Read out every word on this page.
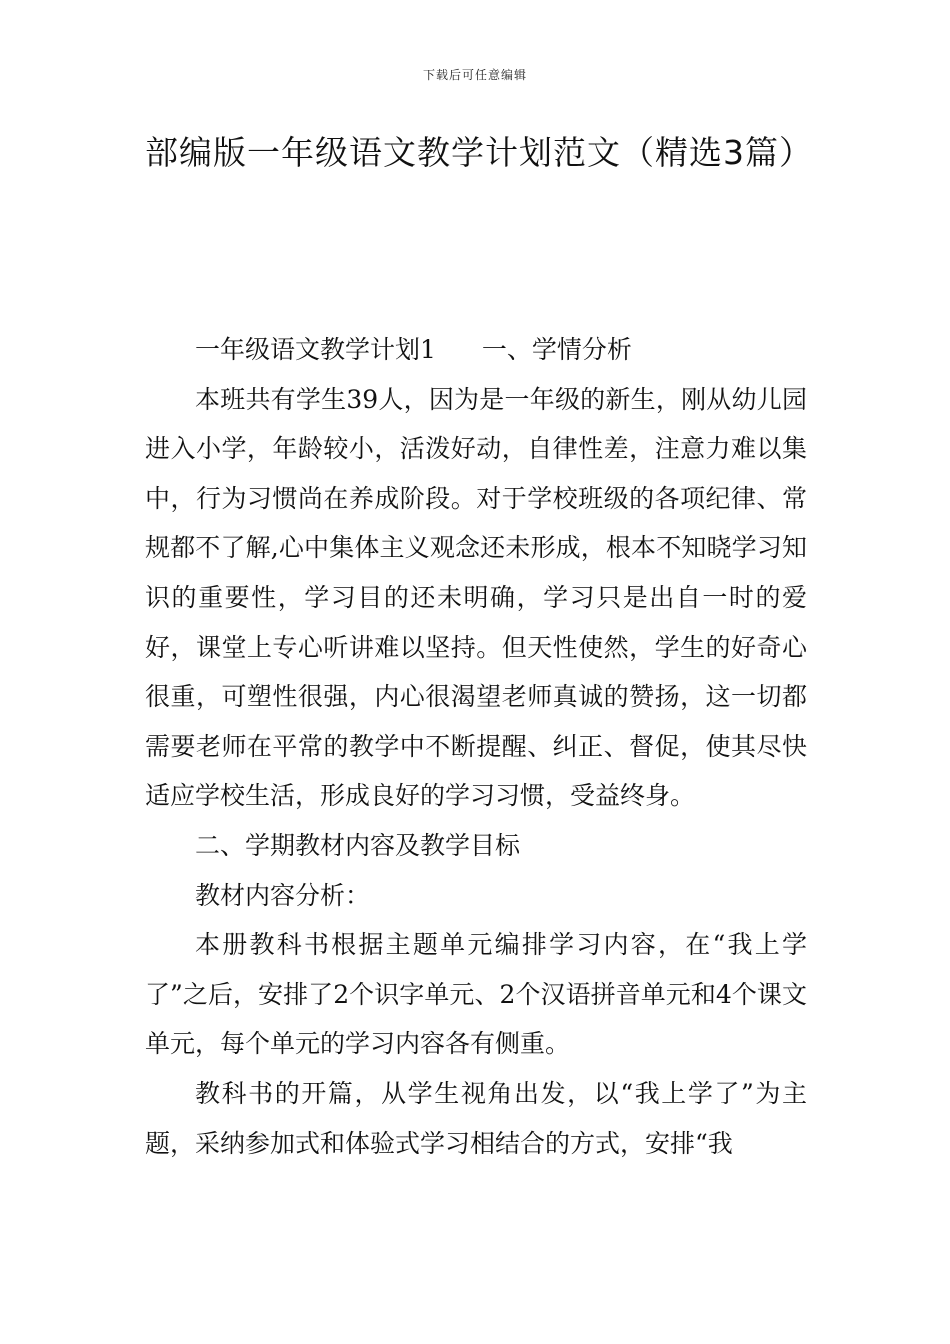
下载后可任意编辑
部编版一年级语文教学计划范文（精选3篇）

一年级语文教学计划1 一、学情分析

本班共有学生39人，因为是一年级的新生，刚从幼儿园进入小学，年龄较小，活泼好动，自律性差，注意力难以集中，行为习惯尚在养成阶段。对于学校班级的各项纪律、常规都不了解,心中集体主义观念还未形成，根本不知晓学习知识的重要性，学习目的还未明确，学习只是出自一时的爱好，课堂上专心听讲难以坚持。但天性使然，学生的好奇心很重，可塑性很强，内心很渴望老师真诚的赞扬，这一切都需要老师在平常的教学中不断提醒、纠正、督促，使其尽快适应学校生活，形成良好的学习习惯，受益终身。

二、学期教材内容及教学目标

教材内容分析：

本册教科书根据主题单元编排学习内容，在“我上学了”之后，安排了2个识字单元、2个汉语拼音单元和4个课文单元，每个单元的学习内容各有侧重。

教科书的开篇，从学生视角出发，以“我上学了”为主题，采纳参加式和体验式学习相结合的方式，安排“我
